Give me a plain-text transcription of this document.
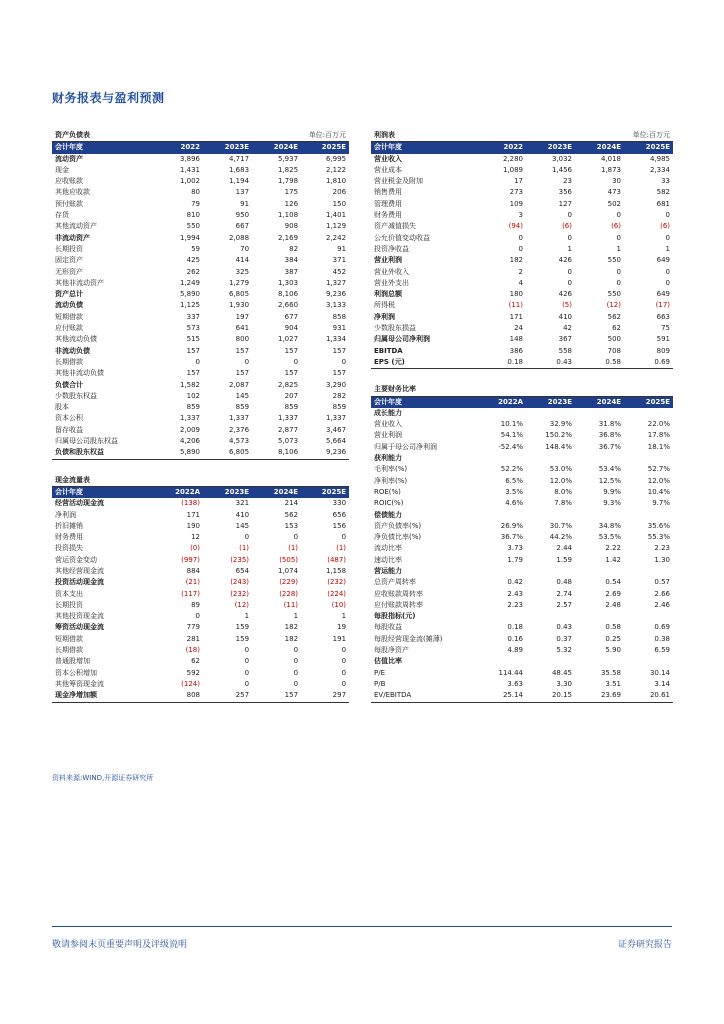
财务报表与盈利预测
资产负债表			单位:百万元	
会计年度	2022	2023E	2024E	2025E
流动资产	3,896	4,717	5,937	6,995
现金	1,431	1,683	1,825	2,122
应收账款	1,002	1,194	1,798	1,810
其他应收款	80	137	175	206
预付账款	79	91	126	150
存货	810	950	1,108	1,401
其他流动资产	550	667	908	1,129
非流动资产	1,994	2,088	2,169	2,242
长期投资	59	70	82	91
固定资产	425	414	384	371
无形资产	262	325	387	452
其他非流动资产	1,249	1,279	1,303	1,327
资产总计	5,890	6,805	8,106	9,236
流动负债	1,125	1,930	2,660	3,133
短期借款	337	197	677	858
应付账款	573	641	904	931
其他流动负债	515	800	1,027	1,334
非流动负债	157	157	157	157
长期借款	0	0	0	0
其他非流动负债	157	157	157	157
负债合计	1,582	2,087	2,825	3,290
少数股东权益	102	145	207	282
股本	859	859	859	859
资本公积	1,337	1,337	1,337	1,337
留存收益	2,009	2,376	2,877	3,467
归属母公司股东权益	4,206	4,573	5,073	5,664
负债和股东权益	5,890	6,805	8,106	9,236

现金流量表				
会计年度	2022A	2023E	2024E	2025E
经营活动现金流	(138)	321	214	330
净利润	171	410	562	656
折旧摊销	190	145	153	156
财务费用	12	0	0	0
投资损失	(0)	(1)	(1)	(1)
营运资金变动	(997)	(235)	(505)	(487)
其他经营现金流	884	654	1,074	1,158
投资活动现金流	(21)	(243)	(229)	(232)
资本支出	(117)	(232)	(228)	(224)
长期投资	89	(12)	(11)	(10)
其他投资现金流	0	1	1	1
筹资活动现金流	779	159	182	19
短期借款	281	159	182	191
长期借款	(18)	0	0	0
普通股增加	62	0	0	0
资本公积增加	592	0	0	0
其他筹资现金流	(124)	0	0	0
现金净增加额	808	257	157	297
利润表			单位:百万元	
会计年度	2022	2023E	2024E	2025E
营业收入	2,280	3,032	4,018	4,985
营业成本	1,089	1,456	1,873	2,334
营业税金及附加	17	23	30	33
销售费用	273	356	473	582
管理费用	109	127	502	681
财务费用	3	0	0	0
资产减值损失	(94)	(6)	(6)	(6)
公允价值变动收益	0	0	0	0
投资净收益	0	1	1	1
营业利润	182	426	550	649
营业外收入	2	0	0	0
营业外支出	4	0	0	0
利润总额	180	426	550	649
所得税	(11)	(5)	(12)	(17)
净利润	171	410	562	663
少数股东损益	24	42	62	75
归属母公司净利润	148	367	500	591
EBITDA	386	558	708	809
EPS (元)	0.18	0.43	0.58	0.69

主要财务比率				
会计年度	2022A	2023E	2024E	2025E
成长能力				
营业收入	10.1%	32.9%	31.8%	22.0%
营业利润	54.1%	150.2%	36.8%	17.8%
归属于母公司净利润	-52.4%	148.4%	36.7%	18.1%
获利能力				
毛利率(%)	52.2%	53.0%	53.4%	52.7%
净利率(%)	6.5%	12.0%	12.5%	12.0%
ROE(%)	3.5%	8.0%	9.9%	10.4%
ROIC(%)	4.6%	7.8%	9.3%	9.7%
偿债能力				
资产负债率(%)	26.9%	30.7%	34.8%	35.6%
净负债比率(%)	36.7%	44.2%	53.5%	55.3%
流动比率	3.73	2.44	2.22	2.23
速动比率	1.79	1.59	1.42	1.30
营运能力				
总资产周转率	0.42	0.48	0.54	0.57
应收账款周转率	2.43	2.74	2.69	2.66
应付账款周转率	2.23	2.57	2.48	2.46
每股指标(元)				
每股收益	0.18	0.43	0.58	0.69
每股经营现金流(摊薄)	0.16	0.37	0.25	0.38
每股净资产	4.89	5.32	5.90	6.59
估值比率				
P/E	114.44	48.45	35.58	30.14
P/B	3.63	3.30	3.51	3.14
EV/EBITDA	25.14	20.15	23.69	20.61
资料来源:WIND,开源证券研究所
敬请参阅末页重要声明及评级说明	证券研究报告
